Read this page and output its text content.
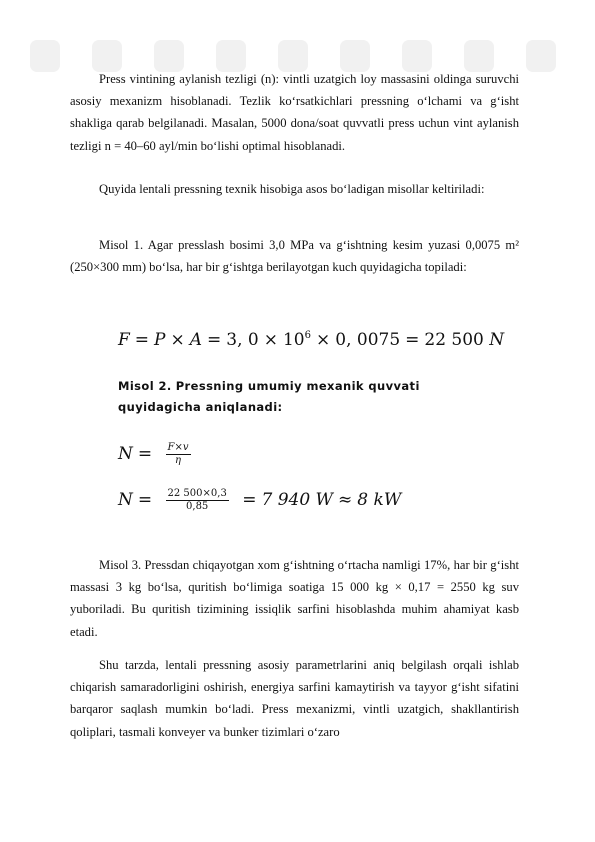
Press vintining aylanish tezligi (n): vintli uzatgich loy massasini oldinga suruvchi asosiy mexanizm hisoblanadi. Tezlik ko‘rsatkichlari pressning o‘lchami va g‘isht shakliga qarab belgilanadi. Masalan, 5000 dona/soat quvvatli press uchun vint aylanish tezligi n = 40–60 ayl/min bo‘lishi optimal hisoblanadi.

Quyida lentali pressning texnik hisobiga asos bo‘ladigan misollar keltiriladi:

Misol 1. Agar presslash bosimi 3,0 MPa va g‘ishtning kesim yuzasi 0,0075 m² (250×300 mm) bo‘lsa, har bir g‘ishtga berilayotgan kuch quyidagicha topiladi:

F = P × A = 3, $0 \times 10^6 \times 0$, 0075 = 22 500 N
Misol 2. Pressning umumiy mexanik quvvati
quyidagicha aniqlanadi:
$N = \frac{F\times v}{\eta}$
$N = \frac{22 500\times 0,3}{0,85} = 7$ 940 W ≈ 8 kW

Misol 3. Pressdan chiqayotgan xom g‘ishtning o‘rtacha namligi 17%, har bir g‘isht massasi 3 kg bo‘lsa, quritish bo‘limiga soatiga 15 000 kg × 0,17 = 2550 kg suv yuboriladi. Bu quritish tizimining issiqlik sarfini hisoblashda muhim ahamiyat kasb etadi.

Shu tarzda, lentali pressning asosiy parametrlarini aniq belgilash orqali ishlab chiqarish samaradorligini oshirish, energiya sarfini kamaytirish va tayyor g‘isht sifatini barqaror saqlash mumkin bo‘ladi. Press mexanizmi, vintli uzatgich, shakllantirish qoliplari, tasmali konveyer va bunker tizimlari o‘zaro
